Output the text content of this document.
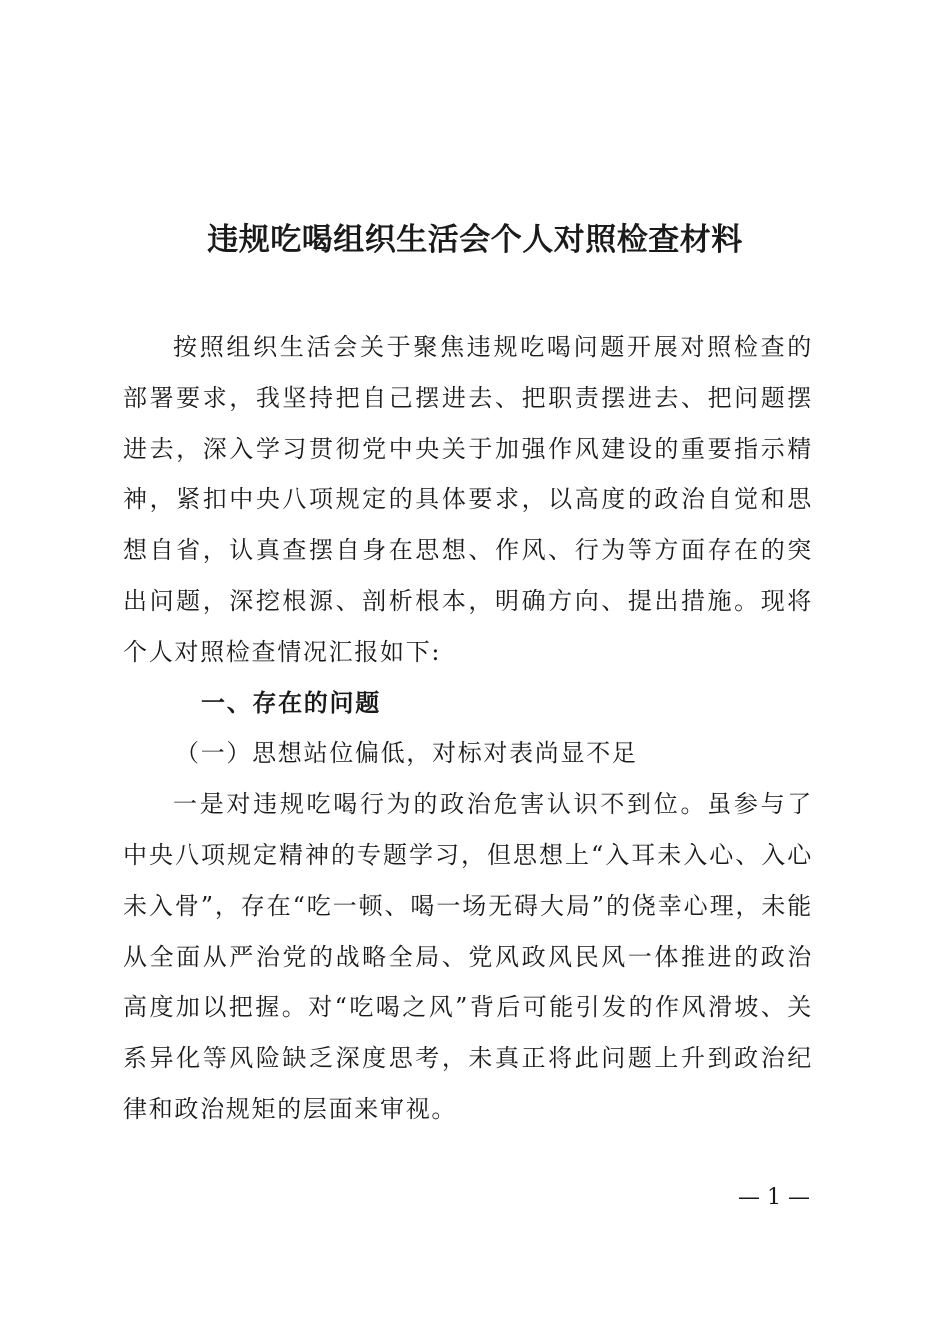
违规吃喝组织生活会个人对照检查材料

按照组织生活会关于聚焦违规吃喝问题开展对照检查的部署要求，我坚持把自己摆进去、把职责摆进去、把问题摆进去，深入学习贯彻党中央关于加强作风建设的重要指示精神，紧扣中央八项规定的具体要求，以高度的政治自觉和思想自省，认真查摆自身在思想、作风、行为等方面存在的突出问题，深挖根源、剖析根本，明确方向、提出措施。现将个人对照检查情况汇报如下:

一、存在的问题

（一）思想站位偏低，对标对表尚显不足

一是对违规吃喝行为的政治危害认识不到位。虽参与了中央八项规定精神的专题学习，但思想上“入耳未入心、入心未入骨”，存在“吃一顿、喝一场无碍大局”的侥幸心理，未能从全面从严治党的战略全局、党风政风民风一体推进的政治高度加以把握。对“吃喝之风”背后可能引发的作风滑坡、关系异化等风险缺乏深度思考，未真正将此问题上升到政治纪律和政治规矩的层面来审视。

— 1 —
